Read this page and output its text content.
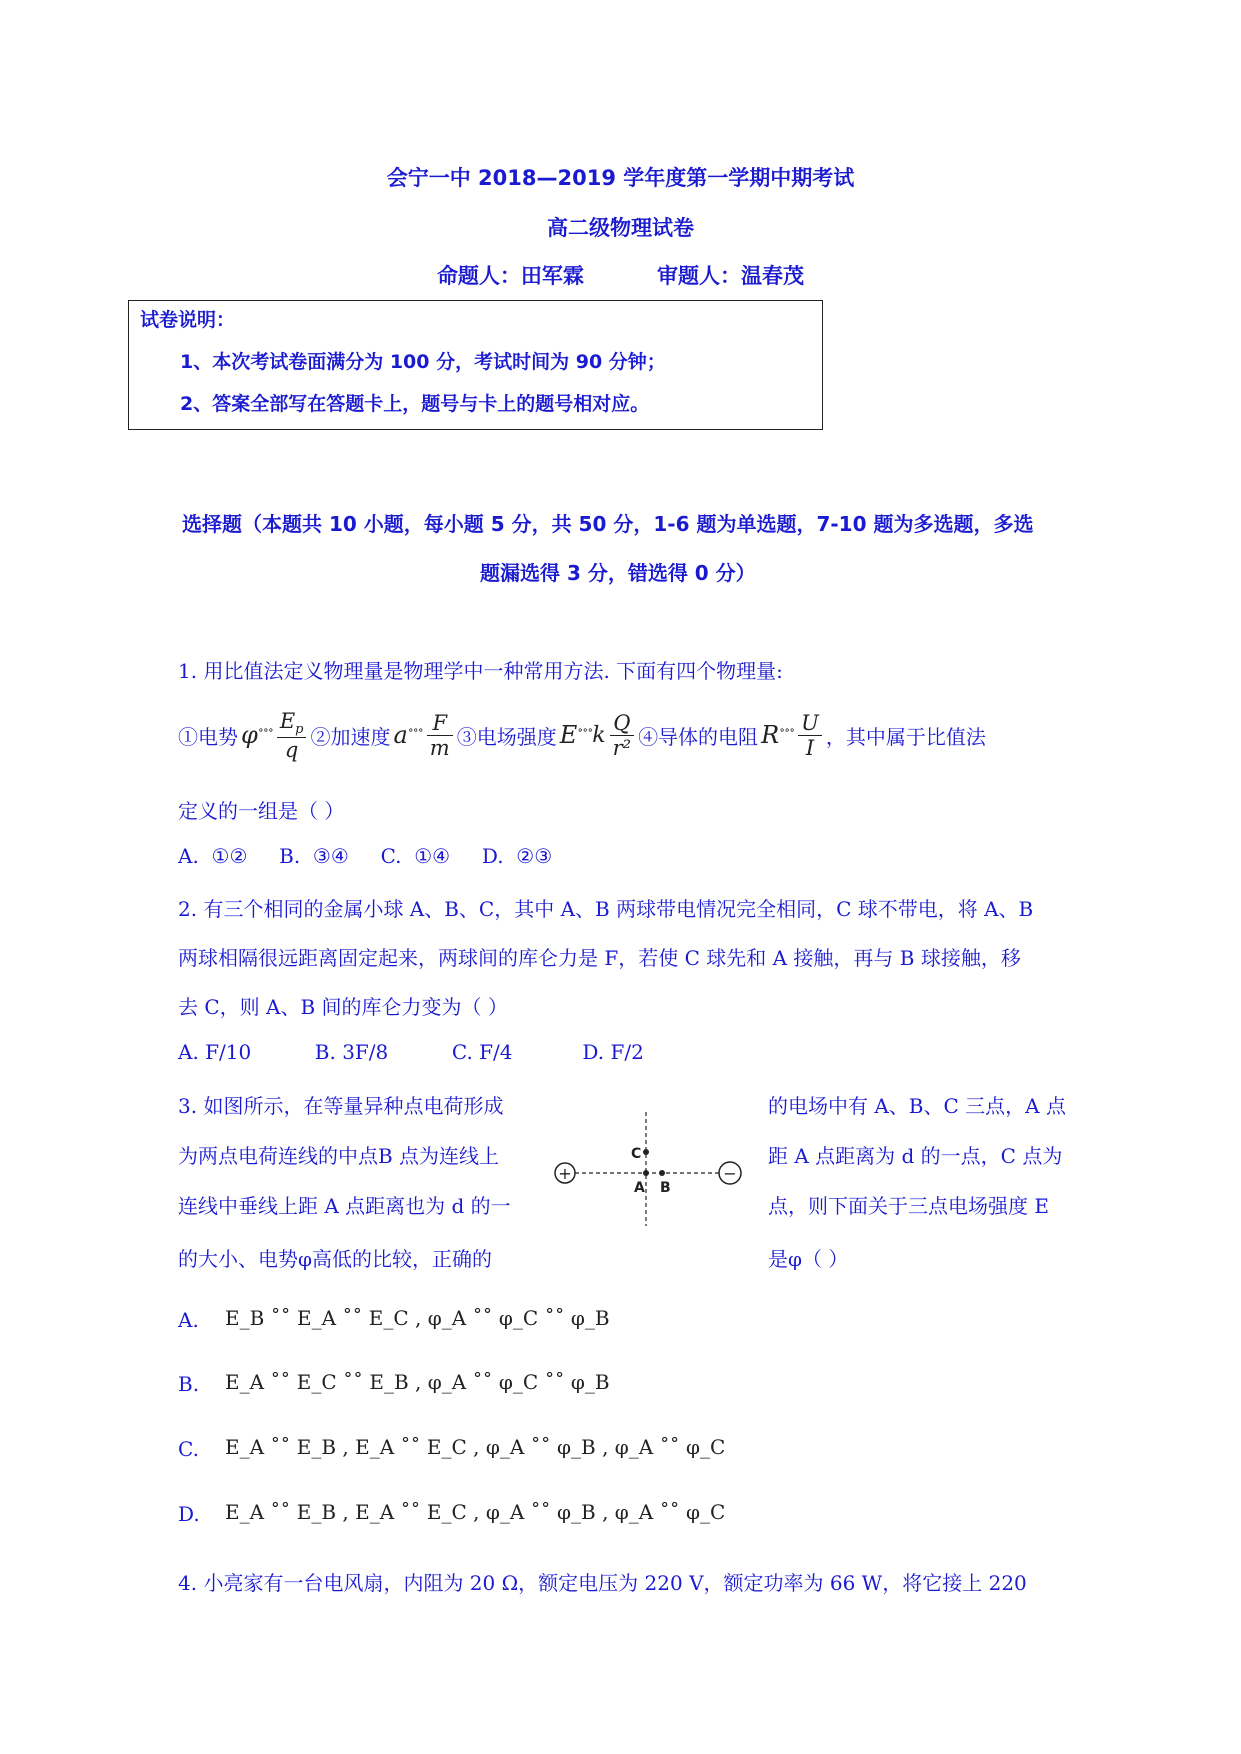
会宁一中 2018—2019 学年度第一学期中期考试
高二级物理试卷
命题人：田军霖          审题人：温春茂
试卷说明：
1、本次考试卷面满分为 100 分，考试时间为 90 分钟；
2、答案全部写在答题卡上，题号与卡上的题号相对应。
选择题（本题共 10 小题，每小题 5 分，共 50 分，1-6 题为单选题，7-10 题为多选题，多选
题漏选得 3 分，错选得 0 分）
1. 用比值法定义物理量是物理学中一种常用方法. 下面有四个物理量:
①电势 φ ˚˚˚ $\frac{E_p}{q}$ ②加速度 a ˚˚˚ $\frac{F}{m}$ ③电场强度 E ˚˚˚ k $\frac{Q}{\text{r²}}$ ④导体的电阻 R ˚˚˚ $\frac{U}{I}$ ，其中属于比值法
定义的一组是（ ）
A.  ①②     B.  ③④     C.  ①④     D.  ②③
2. 有三个相同的金属小球 A、B、C，其中 A、B 两球带电情况完全相同，C 球不带电，将 A、B
两球相隔很远距离固定起来，两球间的库仑力是 F，若使 C 球先和 A 接触，再与 B 球接触，移
去 C，则 A、B 间的库仑力变为（ ）
A. F/10          B. 3F/8          C. F/4           D. F/2
3. 如图所示，在等量异种点电荷形成
为两点电荷连线的中点B 点为连线上
连线中垂线上距 A 点距离也为 d 的一
的大小、电势φ高低的比较，正确的
的电场中有 A、B、C 三点，A 点
距 A 点距离为 d 的一点，C 点为
点，则下面关于三点电场强度 E
是φ（ ）
+	−
A B
C
A. E_B ˚˚ E_A ˚˚ E_C , φ_A ˚˚ φ_C ˚˚ φ_B
B. E_A ˚˚ E_C ˚˚ E_B , φ_A ˚˚ φ_C ˚˚ φ_B
C. E_A ˚˚ E_B , E_A ˚˚ E_C , φ_A ˚˚ φ_B , φ_A ˚˚ φ_C
D. E_A ˚˚ E_B , E_A ˚˚ E_C , φ_A ˚˚ φ_B , φ_A ˚˚ φ_C
4. 小亮家有一台电风扇，内阻为 20 Ω，额定电压为 220 V，额定功率为 66 W，将它接上 220
